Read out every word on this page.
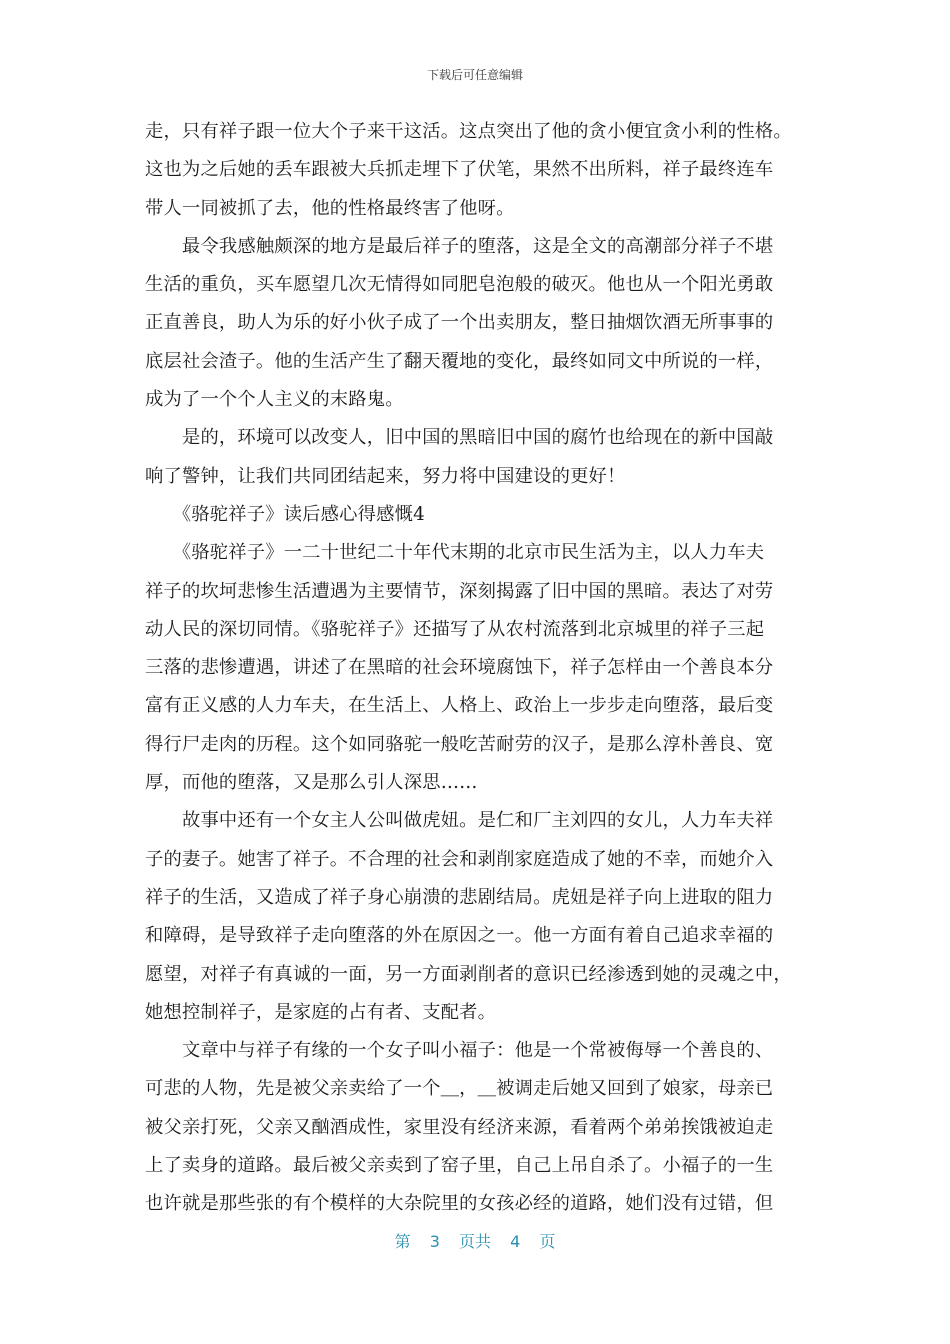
下载后可任意编辑
走，只有祥子跟一位大个子来干这活。这点突出了他的贪小便宜贪小利的性格。
这也为之后她的丢车跟被大兵抓走埋下了伏笔，果然不出所料，祥子最终连车
带人一同被抓了去，他的性格最终害了他呀。
　　最令我感触颇深的地方是最后祥子的堕落，这是全文的高潮部分祥子不堪
生活的重负，买车愿望几次无情得如同肥皂泡般的破灭。他也从一个阳光勇敢
正直善良，助人为乐的好小伙子成了一个出卖朋友，整日抽烟饮酒无所事事的
底层社会渣子。他的生活产生了翻天覆地的变化，最终如同文中所说的一样，
成为了一个个人主义的末路鬼。
　　是的，环境可以改变人，旧中国的黑暗旧中国的腐竹也给现在的新中国敲
响了警钟，让我们共同团结起来，努力将中国建设的更好！
　　《骆驼祥子》读后感心得感慨4
　　《骆驼祥子》一二十世纪二十年代末期的北京市民生活为主，以人力车夫
祥子的坎坷悲惨生活遭遇为主要情节，深刻揭露了旧中国的黑暗。表达了对劳
动人民的深切同情。《骆驼祥子》还描写了从农村流落到北京城里的祥子三起
三落的悲惨遭遇，讲述了在黑暗的社会环境腐蚀下，祥子怎样由一个善良本分
富有正义感的人力车夫，在生活上、人格上、政治上一步步走向堕落，最后变
得行尸走肉的历程。这个如同骆驼一般吃苦耐劳的汉子，是那么淳朴善良、宽
厚，而他的堕落，又是那么引人深思……
　　故事中还有一个女主人公叫做虎妞。是仁和厂主刘四的女儿，人力车夫祥
子的妻子。她害了祥子。不合理的社会和剥削家庭造成了她的不幸，而她介入
祥子的生活，又造成了祥子身心崩溃的悲剧结局。虎妞是祥子向上进取的阻力
和障碍，是导致祥子走向堕落的外在原因之一。他一方面有着自己追求幸福的
愿望，对祥子有真诚的一面，另一方面剥削者的意识已经渗透到她的灵魂之中，
她想控制祥子，是家庭的占有者、支配者。
　　文章中与祥子有缘的一个女子叫小福子：他是一个常被侮辱一个善良的、
可悲的人物，先是被父亲卖给了一个＿，＿被调走后她又回到了娘家，母亲已
被父亲打死，父亲又酗酒成性，家里没有经济来源，看着两个弟弟挨饿被迫走
上了卖身的道路。最后被父亲卖到了窑子里，自己上吊自杀了。小福子的一生
也许就是那些张的有个模样的大杂院里的女孩必经的道路，她们没有过错，但
第 3 页共 4 页
